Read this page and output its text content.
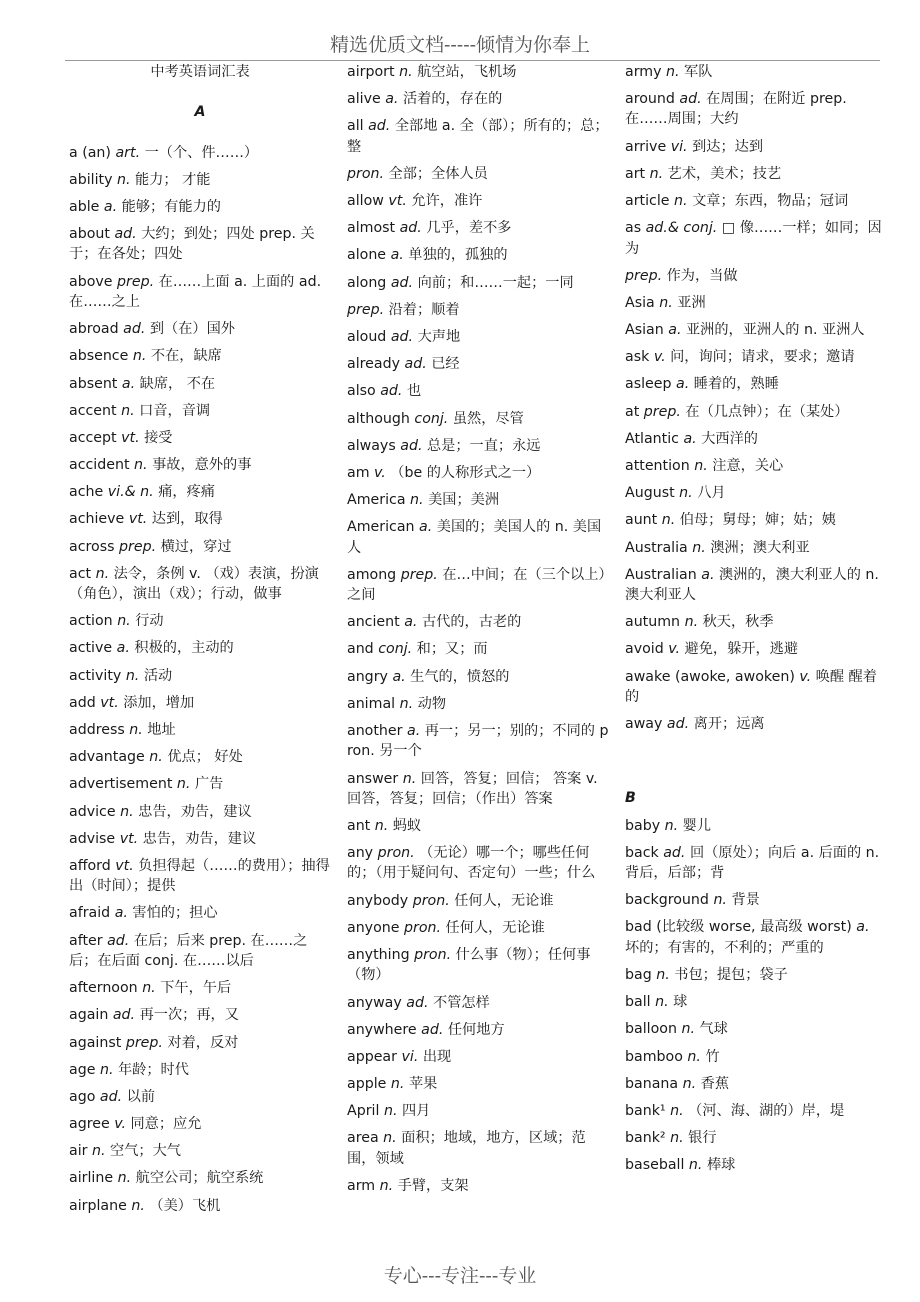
精选优质文档-----倾情为你奉上
中考英语词汇表
A
a (an) art. 一（个、件……）
ability n. 能力； 才能
able a. 能够；有能力的
about ad. 大约；到处；四处 prep. 关于；在各处；四处
above prep. 在……上面 a. 上面的 ad. 在……之上
abroad ad. 到（在）国外
absence n. 不在，缺席
absent a. 缺席， 不在
accent n. 口音，音调
accept vt. 接受
accident n. 事故，意外的事
ache vi.& n. 痛，疼痛
achieve vt. 达到，取得
across prep. 横过，穿过
act n. 法令，条例 v. （戏）表演，扮演（角色），演出（戏）；行动，做事
action n. 行动
active a. 积极的，主动的
activity n. 活动
add vt. 添加，增加
address n. 地址
advantage n. 优点； 好处
advertisement n. 广告
advice n. 忠告，劝告，建议
advise vt. 忠告，劝告，建议
afford vt. 负担得起（……的费用）；抽得出（时间）；提供
afraid a. 害怕的；担心
after ad. 在后；后来 prep. 在……之后；在后面 conj. 在……以后
afternoon n. 下午，午后
again ad. 再一次；再，又
against prep. 对着，反对
age n. 年龄；时代
ago ad. 以前
agree v. 同意；应允
air n. 空气；大气
airline n. 航空公司；航空系统
airplane n. （美）飞机
airport n. 航空站，飞机场
alive a. 活着的，存在的
all ad. 全部地 a. 全（部）；所有的；总；整
pron. 全部；全体人员
allow vt. 允许，准许
almost ad. 几乎，差不多
alone a. 单独的，孤独的
along ad. 向前；和……一起；一同
prep. 沿着；顺着
aloud ad. 大声地
already ad. 已经
also ad. 也
although conj. 虽然，尽管
always ad. 总是；一直；永远
am v. （be 的人称形式之一）
America n. 美国；美洲
American a. 美国的；美国人的 n. 美国人
among prep. 在…中间；在（三个以上）之间
ancient a. 古代的，古老的
and conj. 和；又；而
angry a. 生气的，愤怒的
animal n. 动物
another a. 再一；另一；别的；不同的 pron. 另一个
answer n. 回答，答复；回信； 答案 v. 回答，答复；回信；（作出）答案
ant n. 蚂蚁
any pron. （无论）哪一个；哪些任何的；（用于疑问句、否定句）一些；什么
anybody pron. 任何人，无论谁
anyone pron. 任何人，无论谁
anything pron. 什么事（物）；任何事（物）
anyway ad. 不管怎样
anywhere ad. 任何地方
appear vi. 出现
apple n. 苹果
April n. 四月
area n. 面积；地域，地方，区域；范围，领域
arm n. 手臂，支架
army n. 军队
around ad. 在周围；在附近 prep. 在……周围；大约
arrive vi. 到达；达到
art n. 艺术，美术；技艺
article n. 文章；东西，物品；冠词
as ad.& conj. □ 像……一样；如同；因为
prep. 作为，当做
Asia n. 亚洲
Asian a. 亚洲的，亚洲人的 n. 亚洲人
ask v. 问，询问；请求，要求；邀请
asleep a. 睡着的，熟睡
at prep. 在（几点钟）；在（某处）
Atlantic a. 大西洋的
attention n. 注意，关心
August n. 八月
aunt n. 伯母；舅母；婶；姑；姨
Australia n. 澳洲；澳大利亚
Australian a. 澳洲的，澳大利亚人的 n. 澳大利亚人
autumn n. 秋天，秋季
avoid v. 避免，躲开，逃避
awake (awoke, awoken) v. 唤醒 醒着的
away ad. 离开；远离
B
baby n. 婴儿
back ad. 回（原处）；向后 a. 后面的 n. 背后，后部；背
background n. 背景
bad (比较级 worse, 最高级 worst) a. 坏的；有害的，不利的；严重的
bag n. 书包；提包；袋子
ball n. 球
balloon n. 气球
bamboo n. 竹
banana n. 香蕉
bank¹ n. （河、海、湖的）岸，堤
bank² n. 银行
baseball n. 棒球
专心---专注---专业
